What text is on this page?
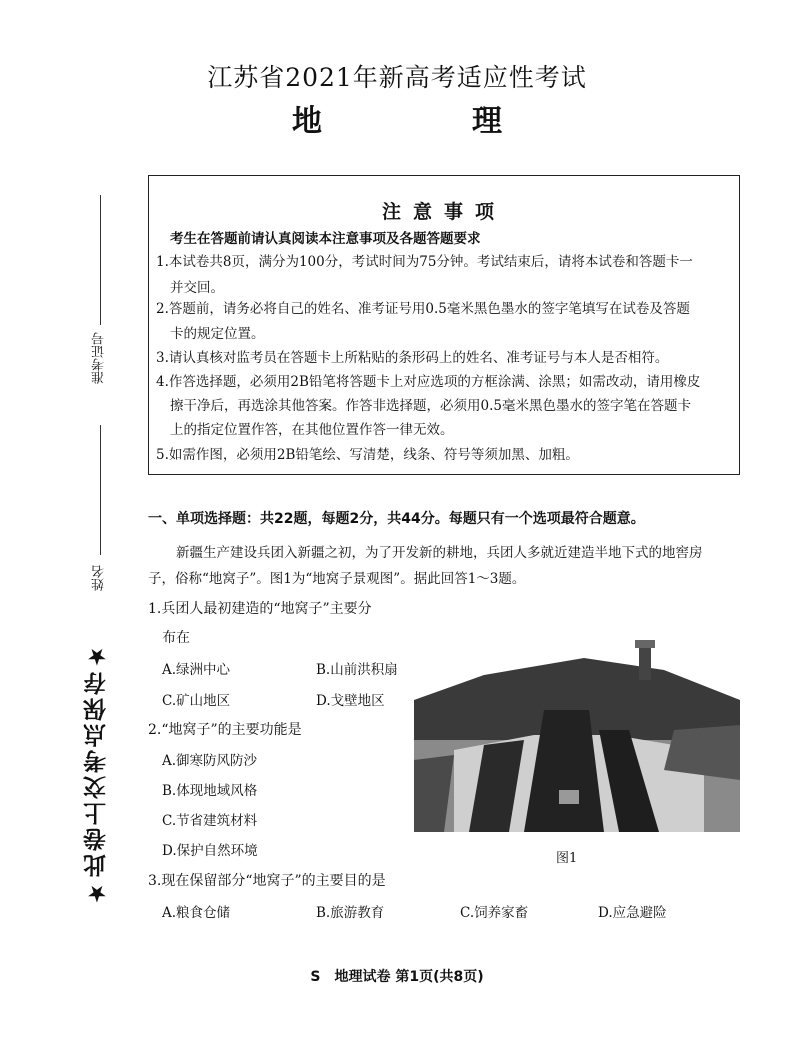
江苏省2021年新高考适应性考试
地　理
准考证号
姓名
★此卷上交考点保存★
注意事项
考生在答题前请认真阅读本注意事项及各题答题要求
1.本试卷共8页，满分为100分，考试时间为75分钟。考试结束后，请将本试卷和答题卡一
并交回。
2.答题前，请务必将自己的姓名、准考证号用0.5毫米黑色墨水的签字笔填写在试卷及答题
卡的规定位置。
3.请认真核对监考员在答题卡上所粘贴的条形码上的姓名、准考证号与本人是否相符。
4.作答选择题，必须用2B铅笔将答题卡上对应选项的方框涂满、涂黑；如需改动，请用橡皮
擦干净后，再选涂其他答案。作答非选择题，必须用0.5毫米黑色墨水的签字笔在答题卡
上的指定位置作答，在其他位置作答一律无效。
5.如需作图，必须用2B铅笔绘、写清楚，线条、符号等须加黑、加粗。
一、单项选择题：共22题，每题2分，共44分。每题只有一个选项最符合题意。
新疆生产建设兵团入新疆之初，为了开发新的耕地，兵团人多就近建造半地下式的地窖房
子，俗称“地窝子”。图1为“地窝子景观图”。据此回答1～3题。
1.兵团人最初建造的“地窝子”主要分
布在
A.绿洲中心	B.山前洪积扇
C.矿山地区	D.戈壁地区
2.“地窝子”的主要功能是
A.御寒防风防沙
B.体现地域风格
C.节省建筑材料
D.保护自然环境
3.现在保留部分“地窝子”的主要目的是
A.粮食仓储	B.旅游教育	C.饲养家畜	D.应急避险
图1
S　地理试卷 第1页(共8页)
